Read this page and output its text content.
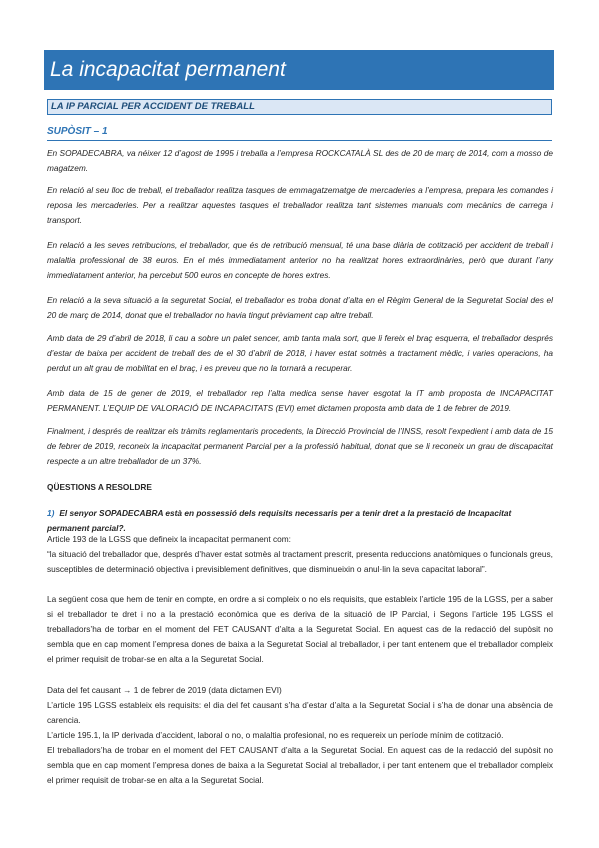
La incapacitat permanent
LA IP PARCIAL PER ACCIDENT DE TREBALL
SUPÒSIT – 1

En SOPADECABRA, va néixer 12 d’agost de 1995 i treballa a l’empresa ROCKCATALÀ SL des de 20 de març de 2014, com a mosso de magatzem.

En relació al seu lloc de treball, el treballador realitza tasques de emmagatzematge de mercaderies a l’empresa, prepara les comandes i reposa les mercaderies. Per a realitzar aquestes tasques el treballador realitza tant sistemes manuals com mecànics de carrega i transport.

En relació a les seves retribucions, el treballador, que és de retribució mensual, té una base diària de cotització per accident de treball i malaltia professional de 38 euros. En el més immediatament anterior no ha realitzat hores extraordinàries, però que durant l’any immediatament anterior, ha percebut 500 euros en concepte de hores extres.

En relació a la seva situació a la seguretat Social, el treballador es troba donat d’alta en el Règim General de la Seguretat Social des el 20 de març de 2014, donat que el treballador no havia tingut prèviament cap altre treball.

Amb data de 29 d’abril de 2018, li cau a sobre un palet sencer, amb tanta mala sort, que li fereix el braç esquerra, el treballador després d’estar de baixa per accident de treball des de el 30 d’abril de 2018, i haver estat sotmès a tractament mèdic, i varies operacions, ha perdut un alt grau de mobilitat en el braç, i es preveu que no la tornarà a recuperar.

Amb data de 15 de gener de 2019, el treballador rep l’alta medica sense haver esgotat la IT amb proposta de INCAPACITAT PERMANENT. L’EQUIP DE VALORACIÓ DE INCAPACITATS (EVI) emet dictamen proposta amb data de 1 de febrer de 2019.

Finalment, i després de realitzar els tràmits reglamentaris procedents, la Direcció Provincial de l’INSS, resolt l’expedient i amb data de 15 de febrer de 2019, reconeix la incapacitat permanent Parcial per a la professió habitual, donat que se li reconeix un grau de discapacitat respecte a un altre treballador de un 37%.

QÜESTIONS A RESOLDRE

1) El senyor SOPADECABRA està en possessió dels requisits necessaris per a tenir dret a la prestació de Incapacitat permanent parcial?.

Article 193 de la LGSS que defineix la incapacitat permanent com:

“la situació del treballador que, després d’haver estat sotmès al tractament prescrit, presenta reduccions anatòmiques o funcionals greus, susceptibles de determinació objectiva i previsiblement definitives, que disminueixin o anul·lin la seva capacitat laboral”.

La següent cosa que hem de tenir en compte, en ordre a si compleix o no els requisits, que estableix l’article 195 de la LGSS, per a saber si el treballador te dret i no a la prestació econòmica que es deriva de la situació de IP Parcial, i Segons l’article 195 LGSS el treballadors’ha de torbar en el moment del FET CAUSANT d’alta a la Seguretat Social. En aquest cas de la redacció del supòsit no sembla que en cap moment l’empresa dones de baixa a la Seguretat Social al treballador, i per tant entenem que el treballador compleix el primer requisit de trobar-se en alta a la Seguretat Social.

Data del fet causant → 1 de febrer de 2019 (data dictamen EVI)

L’article 195 LGSS estableix els requisits: el dia del fet causant s’ha d’estar d’alta a la Seguretat Social i s’ha de donar una absència de carencia.

L’article 195.1, la IP derivada d’accident, laboral o no, o malaltia profesional, no es requereix un període mínim de cotització.

El treballadors’ha de trobar en el moment del FET CAUSANT d’alta a la Seguretat Social. En aquest cas de la redacció del supòsit no sembla que en cap moment l’empresa dones de baixa a la Seguretat Social al treballador, i per tant entenem que el treballador compleix el primer requisit de trobar-se en alta a la Seguretat Social.
